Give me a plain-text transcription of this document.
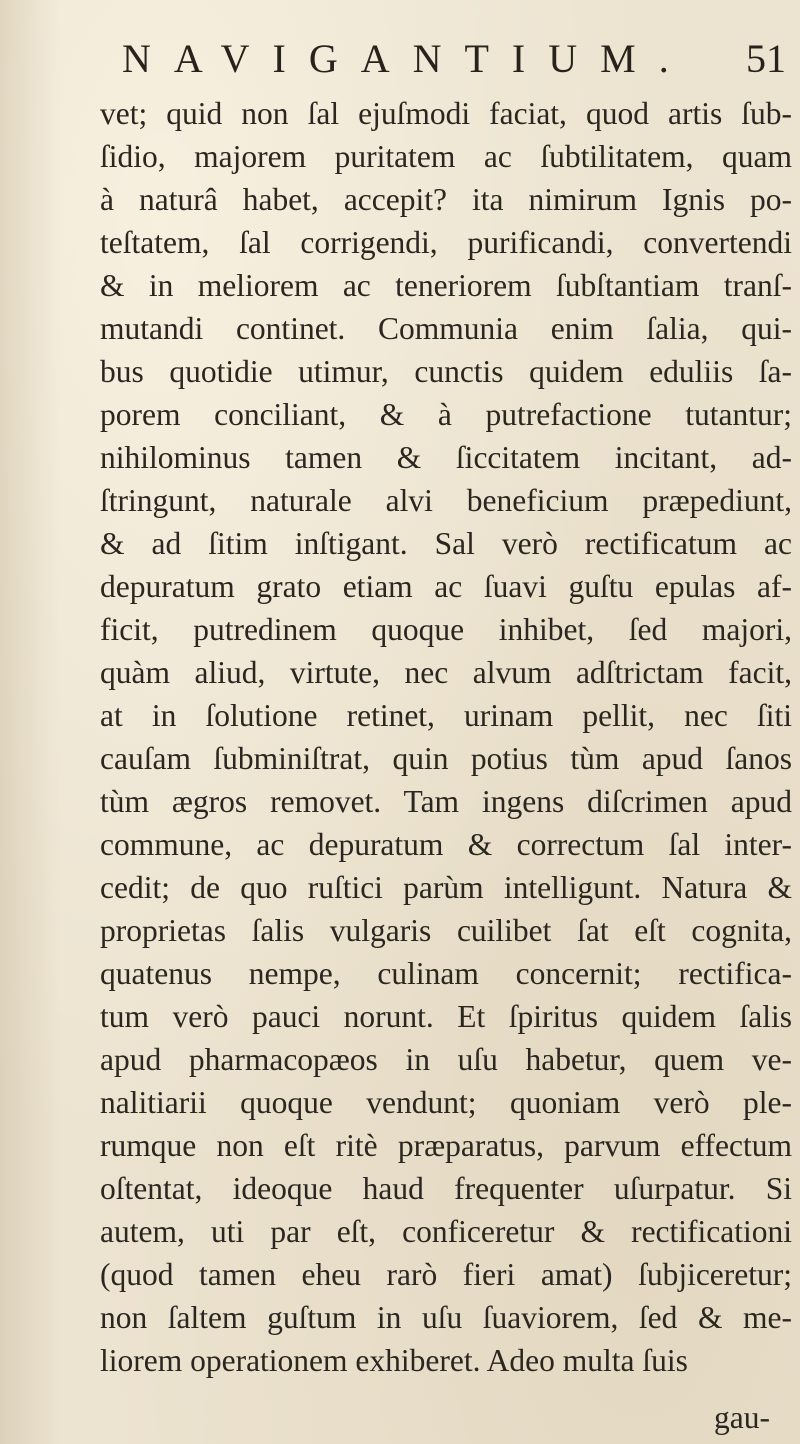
NAVIGANTIUM. 51
vet; quid non ſal ejuſmodi faciat, quod artis ſub-
ſidio, majorem puritatem ac ſubtilitatem, quam
à naturâ habet, accepit? ita nimirum Ignis po-
teſtatem, ſal corrigendi, purificandi, convertendi
& in meliorem ac teneriorem ſubſtantiam tranſ-
mutandi continet. Communia enim ſalia, qui-
bus quotidie utimur, cunctis quidem eduliis ſa-
porem conciliant, & à putrefactione tutantur;
nihilominus tamen & ſiccitatem incitant, ad-
ſtringunt, naturale alvi beneficium præpediunt,
& ad ſitim inſtigant. Sal verò rectificatum ac
depuratum grato etiam ac ſuavi guſtu epulas af-
ficit, putredinem quoque inhibet, ſed majori,
quàm aliud, virtute, nec alvum adſtrictam facit,
at in ſolutione retinet, urinam pellit, nec ſiti
cauſam ſubminiſtrat, quin potius tùm apud ſanos
tùm ægros removet. Tam ingens diſcrimen apud
commune, ac depuratum & correctum ſal inter-
cedit; de quo ruſtici parùm intelligunt. Natura &
proprietas ſalis vulgaris cuilibet ſat eſt cognita,
quatenus nempe, culinam concernit; rectifica-
tum verò pauci norunt. Et ſpiritus quidem ſalis
apud pharmacopæos in uſu habetur, quem ve-
nalitiarii quoque vendunt; quoniam verò ple-
rumque non eſt ritè præparatus, parvum effectum
oſtentat, ideoque haud frequenter uſurpatur. Si
autem, uti par eſt, conficeretur & rectificationi
(quod tamen eheu rarò fieri amat) ſubjiceretur;
non ſaltem guſtum in uſu ſuaviorem, ſed & me-
liorem operationem exhiberet. Adeo multa ſuis
gau-
